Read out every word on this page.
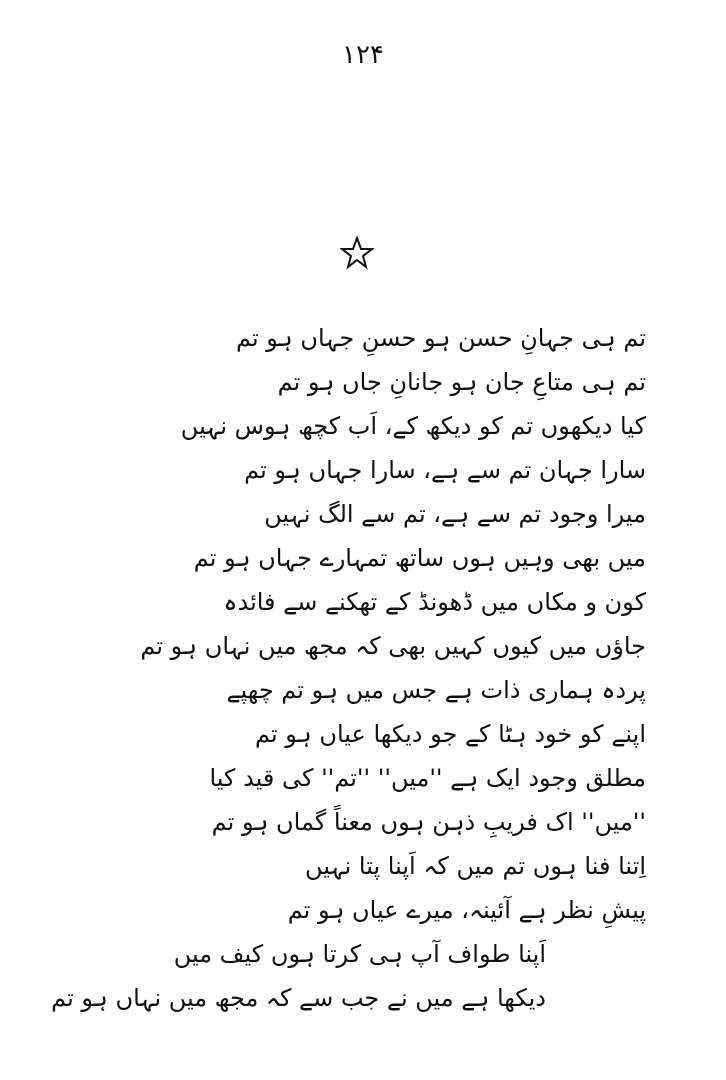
۱۲۴
تم ہی جہانِ حسن ہو حسنِ جہاں ہو تم
تم ہی متاعِ جان ہو جانانِ جاں ہو تم
کیا دیکھوں تم کو دیکھ کے، اَب کچھ ہوس نہیں
سارا جہان تم سے ہے، سارا جہاں ہو تم
میرا وجود تم سے ہے، تم سے الگ نہیں
میں بھی وہیں ہوں ساتھ تمہارے جہاں ہو تم
کون و مکاں میں ڈھونڈ کے تھکنے سے فائدہ
جاؤں میں کیوں کہیں بھی کہ مجھ میں نہاں ہو تم
پردہ ہماری ذات ہے جس میں ہو تم چھپے
اپنے کو خود ہٹا کے جو دیکھا عیاں ہو تم
مطلق وجود ایک ہے ''میں'' ''تم'' کی قید کیا
''میں'' اک فریبِ ذہن ہوں معناً گماں ہو تم
اِتنا فنا ہوں تم میں کہ اَپنا پتا نہیں
پیشِ نظر ہے آئینہ، میرے عیاں ہو تم
اَپنا طواف آپ ہی کرتا ہوں کیف میں
دیکھا ہے میں نے جب سے کہ مجھ میں نہاں ہو تم
